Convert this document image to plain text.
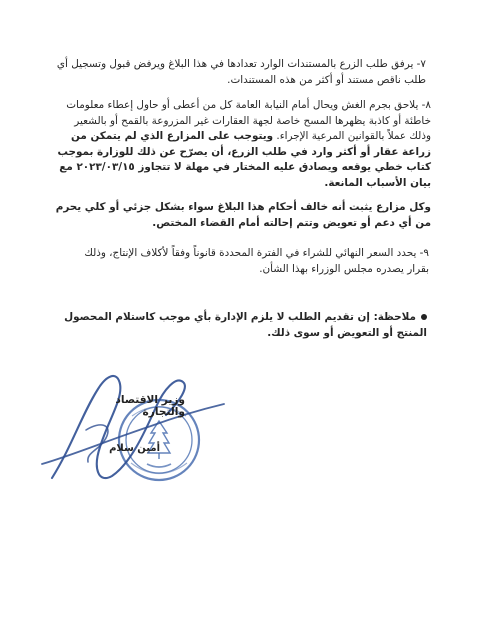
٧- يرفق طلب الزرع بالمستندات الوارد تعدادها في هذا البلاغ ويرفض قبول وتسجيل أي طلب ناقص مستند أو أكثر من هذه المستندات.
٨- يلاحق بجرم الغش ويحال أمام النيابة العامة كل من أعطى أو حاول إعطاء معلومات خاطئة أو كاذبة يظهرها المسح خاصة لجهة العقارات غير المزروعة بالقمح أو بالشعير وذلك عملاً بالقوانين المرعية الإجراء. ويتوجب على المزارع الذي لم يتمكن من زراعة عقار أو أكثر وارد في طلب الزرع، أن يصرّح عن ذلك للوزارة بموجب كتاب خطي يوقعه ويصادق عليه المختار في مهلة لا تتجاوز ٢٠٢٣/٠٣/١٥ مع بيان الأسباب المانعة.
وكل مزارع يثبت أنه خالف أحكام هذا البلاغ سواء بشكل جزئي أو كلي يحرم من أي دعم أو تعويض وتتم إحالته أمام القضاء المختص.
٩- يحدد السعر النهائي للشراء في الفترة المحددة قانوناً وفقاً لأكلاف الإنتاج، وذلك بقرار يصدره مجلس الوزراء بهذا الشأن.
ملاحظة: إن تقديم الطلب لا يلزم الإدارة بأي موجب كاستلام المحصول المنتج أو التعويض أو سوى ذلك.
وزير الاقتصاد والتجارة
أمين سلام
